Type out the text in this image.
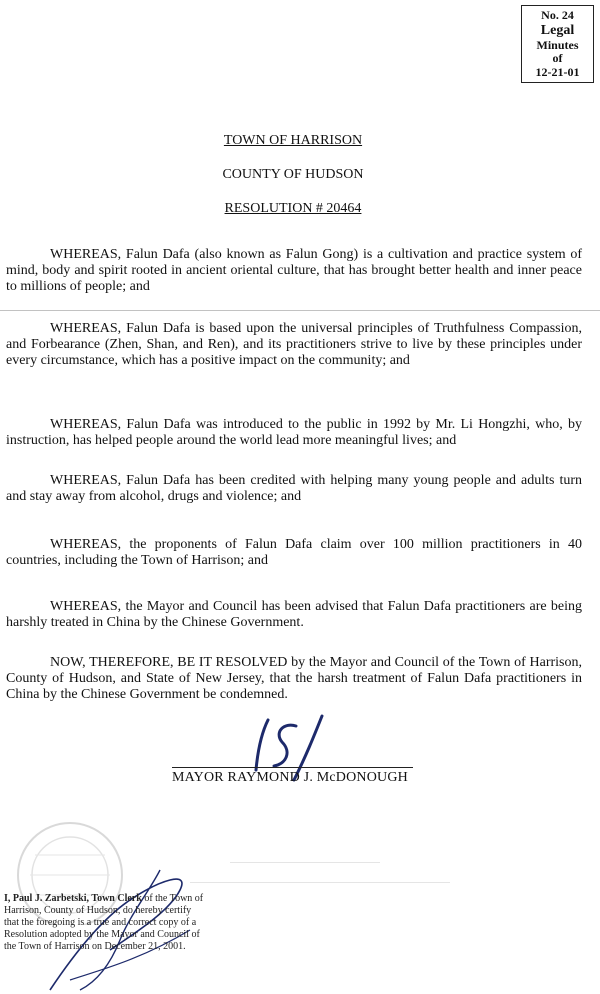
No. 24
Legal
Minutes
of
12-21-01
TOWN OF HARRISON
COUNTY OF HUDSON
RESOLUTION # 20464
WHEREAS, Falun Dafa (also known as Falun Gong) is a cultivation and practice system of mind, body and spirit rooted in ancient oriental culture, that has brought better health and inner peace to millions of people; and
WHEREAS, Falun Dafa is based upon the universal principles of Truthfulness Compassion, and Forbearance (Zhen, Shan, and Ren), and its practitioners strive to live by these principles under every circumstance, which has a positive impact on the community; and
WHEREAS, Falun Dafa was introduced to the public in 1992 by Mr. Li Hongzhi, who, by instruction, has helped people around the world lead more meaningful lives; and
WHEREAS, Falun Dafa has been credited with helping many young people and adults turn and stay away from alcohol, drugs and violence; and
WHEREAS, the proponents of Falun Dafa claim over 100 million practitioners in 40 countries, including the Town of Harrison; and
WHEREAS, the Mayor and Council has been advised that Falun Dafa practitioners are being harshly treated in China by the Chinese Government.
NOW, THEREFORE, BE IT RESOLVED by the Mayor and Council of the Town of Harrison, County of Hudson, and State of New Jersey, that the harsh treatment of Falun Dafa practitioners in China by the Chinese Government be condemned.
MAYOR RAYMOND J. McDONOUGH
I, Paul J. Zarbetski, Town Clerk of the Town of Harrison, County of Hudson, do hereby certify that the foregoing is a true and correct copy of a Resolution adopted by the Mayor and Council of the Town of Harrison on December 21, 2001.
